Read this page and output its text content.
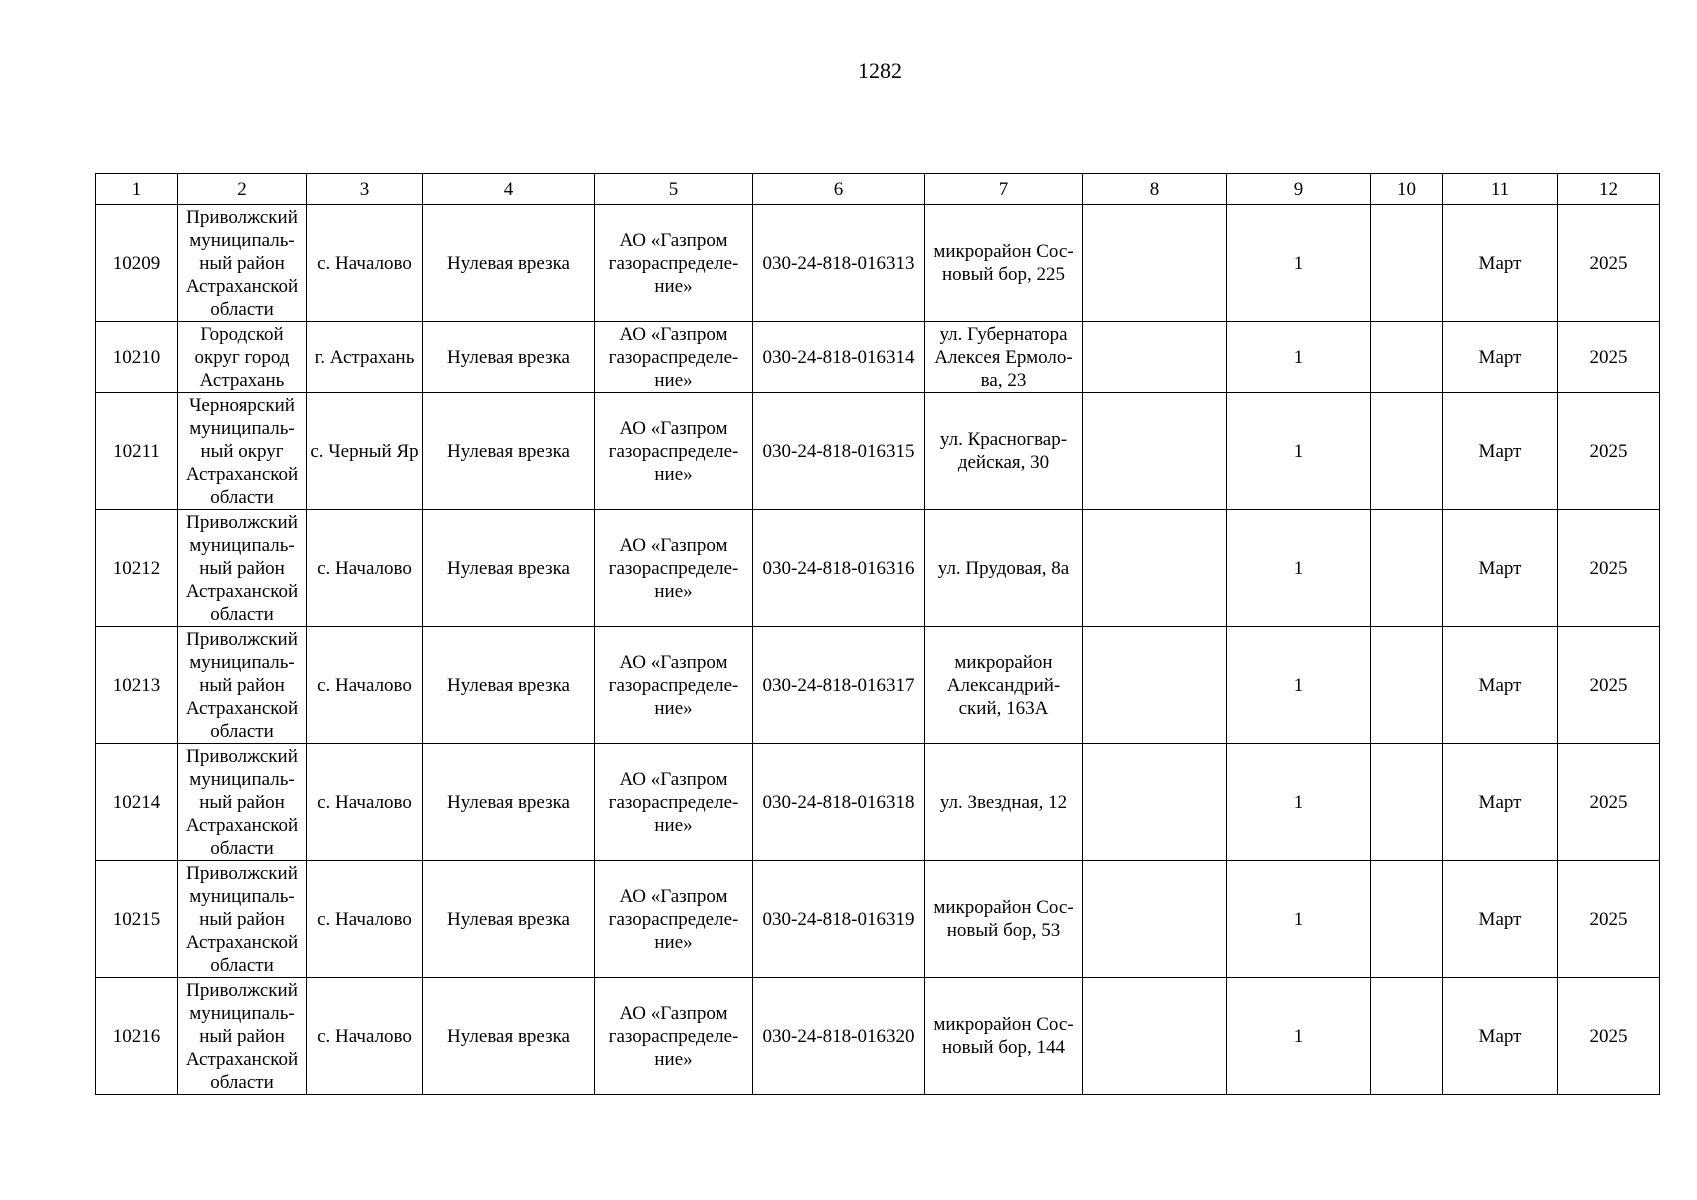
1282
1	2	3	4	5	6	7	8	9	10	11	12
10209	Приволжский муниципаль-ный район Астраханской области	с. Началово	Нулевая врезка	АО «Газпром газораспределе-ние»	030-24-818-016313	микрорайон Сос-новый бор, 225		1		Март	2025
10210	Городской округ город Астрахань	г. Астрахань	Нулевая врезка	АО «Газпром газораспределе-ние»	030-24-818-016314	ул. Губернатора Алексея Ермоло-ва, 23		1		Март	2025
10211	Черноярский муниципаль-ный округ Астраханской области	с. Черный Яр	Нулевая врезка	АО «Газпром газораспределе-ние»	030-24-818-016315	ул. Красногвар-дейская, 30		1		Март	2025
10212	Приволжский муниципаль-ный район Астраханской области	с. Началово	Нулевая врезка	АО «Газпром газораспределе-ние»	030-24-818-016316	ул. Прудовая, 8а		1		Март	2025
10213	Приволжский муниципаль-ный район Астраханской области	с. Началово	Нулевая врезка	АО «Газпром газораспределе-ние»	030-24-818-016317	микрорайон Александрий-ский, 163А		1		Март	2025
10214	Приволжский муниципаль-ный район Астраханской области	с. Началово	Нулевая врезка	АО «Газпром газораспределе-ние»	030-24-818-016318	ул. Звездная, 12		1		Март	2025
10215	Приволжский муниципаль-ный район Астраханской области	с. Началово	Нулевая врезка	АО «Газпром газораспределе-ние»	030-24-818-016319	микрорайон Сос-новый бор, 53		1		Март	2025
10216	Приволжский муниципаль-ный район Астраханской области	с. Началово	Нулевая врезка	АО «Газпром газораспределе-ние»	030-24-818-016320	микрорайон Сос-новый бор, 144		1		Март	2025
